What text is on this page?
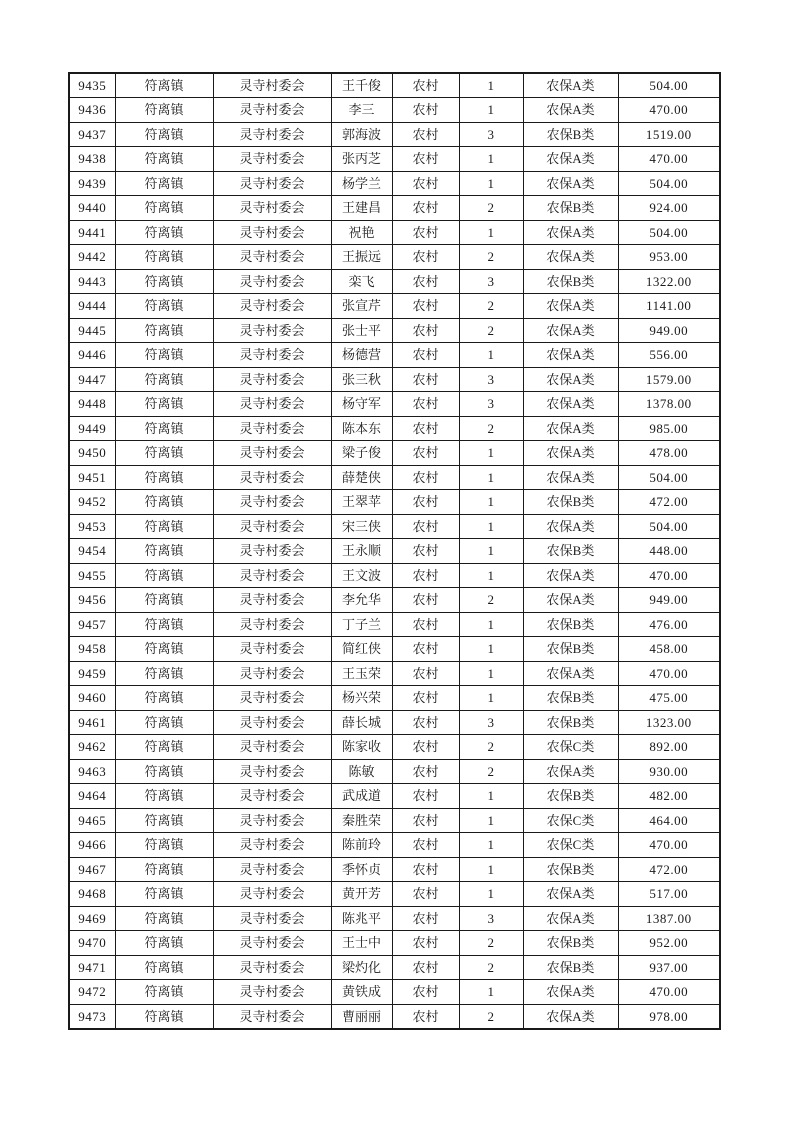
9435	符离镇	灵寺村委会	王千俊	农村	1	农保A类	504.00
9436	符离镇	灵寺村委会	李三	农村	1	农保A类	470.00
9437	符离镇	灵寺村委会	郭海波	农村	3	农保B类	1519.00
9438	符离镇	灵寺村委会	张丙芝	农村	1	农保A类	470.00
9439	符离镇	灵寺村委会	杨学兰	农村	1	农保A类	504.00
9440	符离镇	灵寺村委会	王建昌	农村	2	农保B类	924.00
9441	符离镇	灵寺村委会	祝艳	农村	1	农保A类	504.00
9442	符离镇	灵寺村委会	王振远	农村	2	农保A类	953.00
9443	符离镇	灵寺村委会	栾飞	农村	3	农保B类	1322.00
9444	符离镇	灵寺村委会	张宣芹	农村	2	农保A类	1141.00
9445	符离镇	灵寺村委会	张士平	农村	2	农保A类	949.00
9446	符离镇	灵寺村委会	杨德营	农村	1	农保A类	556.00
9447	符离镇	灵寺村委会	张三秋	农村	3	农保A类	1579.00
9448	符离镇	灵寺村委会	杨守军	农村	3	农保A类	1378.00
9449	符离镇	灵寺村委会	陈本东	农村	2	农保A类	985.00
9450	符离镇	灵寺村委会	梁子俊	农村	1	农保A类	478.00
9451	符离镇	灵寺村委会	薛楚侠	农村	1	农保A类	504.00
9452	符离镇	灵寺村委会	王翠苹	农村	1	农保B类	472.00
9453	符离镇	灵寺村委会	宋三侠	农村	1	农保A类	504.00
9454	符离镇	灵寺村委会	王永顺	农村	1	农保B类	448.00
9455	符离镇	灵寺村委会	王文波	农村	1	农保A类	470.00
9456	符离镇	灵寺村委会	李允华	农村	2	农保A类	949.00
9457	符离镇	灵寺村委会	丁子兰	农村	1	农保B类	476.00
9458	符离镇	灵寺村委会	简红侠	农村	1	农保B类	458.00
9459	符离镇	灵寺村委会	王玉荣	农村	1	农保A类	470.00
9460	符离镇	灵寺村委会	杨兴荣	农村	1	农保B类	475.00
9461	符离镇	灵寺村委会	薛长城	农村	3	农保B类	1323.00
9462	符离镇	灵寺村委会	陈家收	农村	2	农保C类	892.00
9463	符离镇	灵寺村委会	陈敏	农村	2	农保A类	930.00
9464	符离镇	灵寺村委会	武成道	农村	1	农保B类	482.00
9465	符离镇	灵寺村委会	秦胜荣	农村	1	农保C类	464.00
9466	符离镇	灵寺村委会	陈前玲	农村	1	农保C类	470.00
9467	符离镇	灵寺村委会	季怀贞	农村	1	农保B类	472.00
9468	符离镇	灵寺村委会	黄开芳	农村	1	农保A类	517.00
9469	符离镇	灵寺村委会	陈兆平	农村	3	农保A类	1387.00
9470	符离镇	灵寺村委会	王士中	农村	2	农保B类	952.00
9471	符离镇	灵寺村委会	梁灼化	农村	2	农保B类	937.00
9472	符离镇	灵寺村委会	黄铁成	农村	1	农保A类	470.00
9473	符离镇	灵寺村委会	曹丽丽	农村	2	农保A类	978.00
